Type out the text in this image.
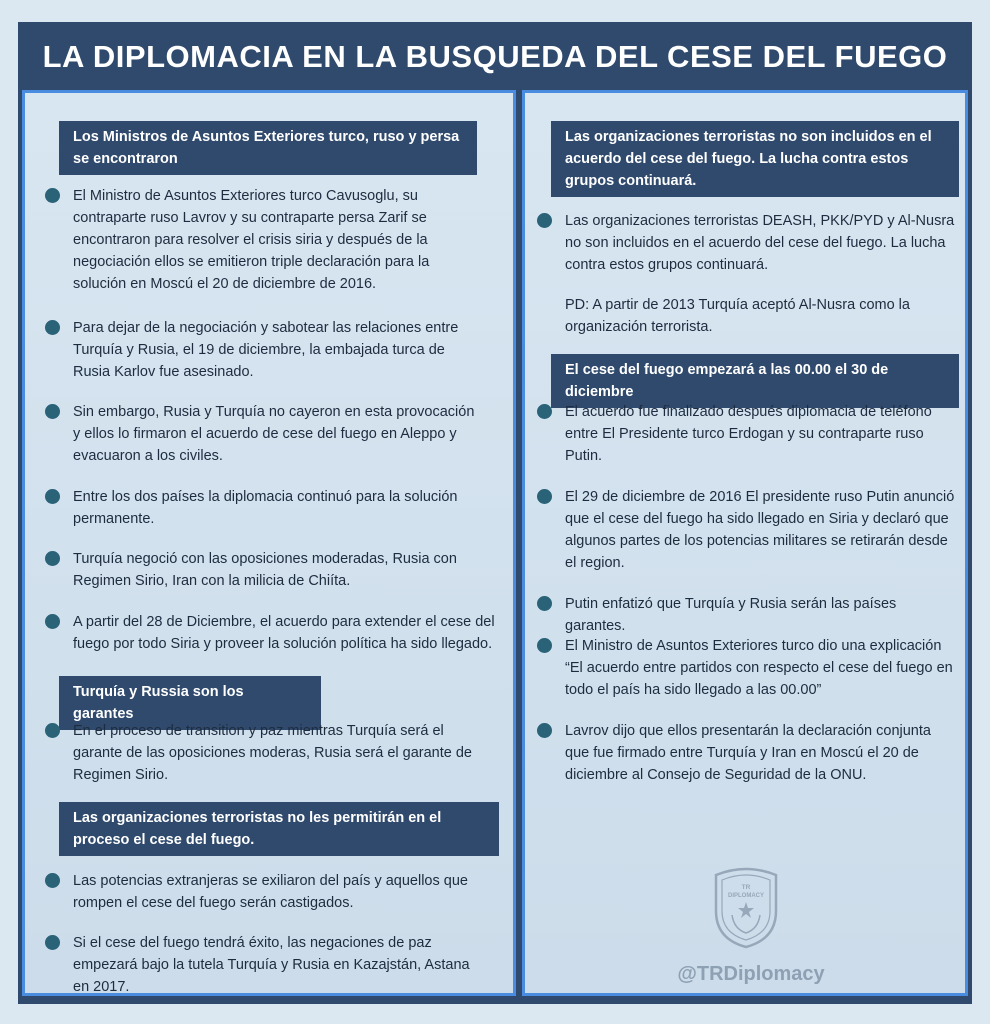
LA DIPLOMACIA EN LA BUSQUEDA DEL CESE DEL FUEGO
Los Ministros de Asuntos Exteriores turco, ruso y persa se encontraron
El Ministro de Asuntos Exteriores turco Cavusoglu, su contraparte ruso Lavrov y su contraparte persa Zarif se encontraron para resolver el crisis siria y después de la negociación ellos se emitieron triple declaración para la solución en Moscú el 20 de diciembre de 2016.
Para dejar de la negociación y sabotear las relaciones entre Turquía y Rusia, el 19 de diciembre, la embajada turca de Rusia Karlov fue asesinado.
Sin embargo, Rusia y Turquía no cayeron en esta provocación y ellos lo firmaron el acuerdo de cese del fuego en Aleppo y evacuaron a los civiles.
Entre los dos países la diplomacia continuó para la solución permanente.
Turquía negoció con las oposiciones moderadas, Rusia con Regimen Sirio, Iran con la milicia de Chiíta.
A partir del 28 de Diciembre, el acuerdo para extender el cese del fuego por todo Siria y proveer la solución política ha sido llegado.
Turquía y Russia son los garantes
En el proceso de transition y paz mientras Turquía será el garante de las oposiciones moderas, Rusia será el garante de Regimen Sirio.
Las organizaciones terroristas no les permitirán en el proceso el cese del fuego.
Las potencias extranjeras se exiliaron del país y aquellos que rompen el cese del fuego serán castigados.
Si el cese del fuego tendrá éxito, las negaciones de paz empezará bajo la tutela Turquía y Rusia en Kazajstán, Astana en 2017.
Las organizaciones terroristas no son incluidos en el acuerdo del cese del fuego. La lucha contra estos grupos continuará.
Las organizaciones terroristas DEASH, PKK/PYD y Al-Nusra no son incluidos en el acuerdo del cese del fuego. La lucha contra estos grupos continuará.
PD: A partir de 2013 Turquía aceptó Al-Nusra como la organización terrorista.
El cese del fuego empezará a las 00.00 el 30 de diciembre
El acuerdo fue finalizado después diplomacia de teléfono entre El Presidente turco Erdogan y su contraparte ruso Putin.
El 29 de diciembre de 2016 El presidente ruso Putin anunció que el cese del fuego ha sido llegado en Siria y declaró que algunos partes de los potencias militares se retirarán desde el region.
Putin enfatizó que Turquía y Rusia serán las países garantes.
El Ministro de Asuntos Exteriores turco dio una explicación “El acuerdo entre partidos con respecto el cese del fuego en todo el país ha sido llegado a las 00.00”
Lavrov dijo que ellos presentarán la declaración conjunta que fue firmado entre Turquía y Iran en Moscú el 20 de diciembre al Consejo de Seguridad de la ONU.
TR
DIPLOMACY
@TRDiplomacy
